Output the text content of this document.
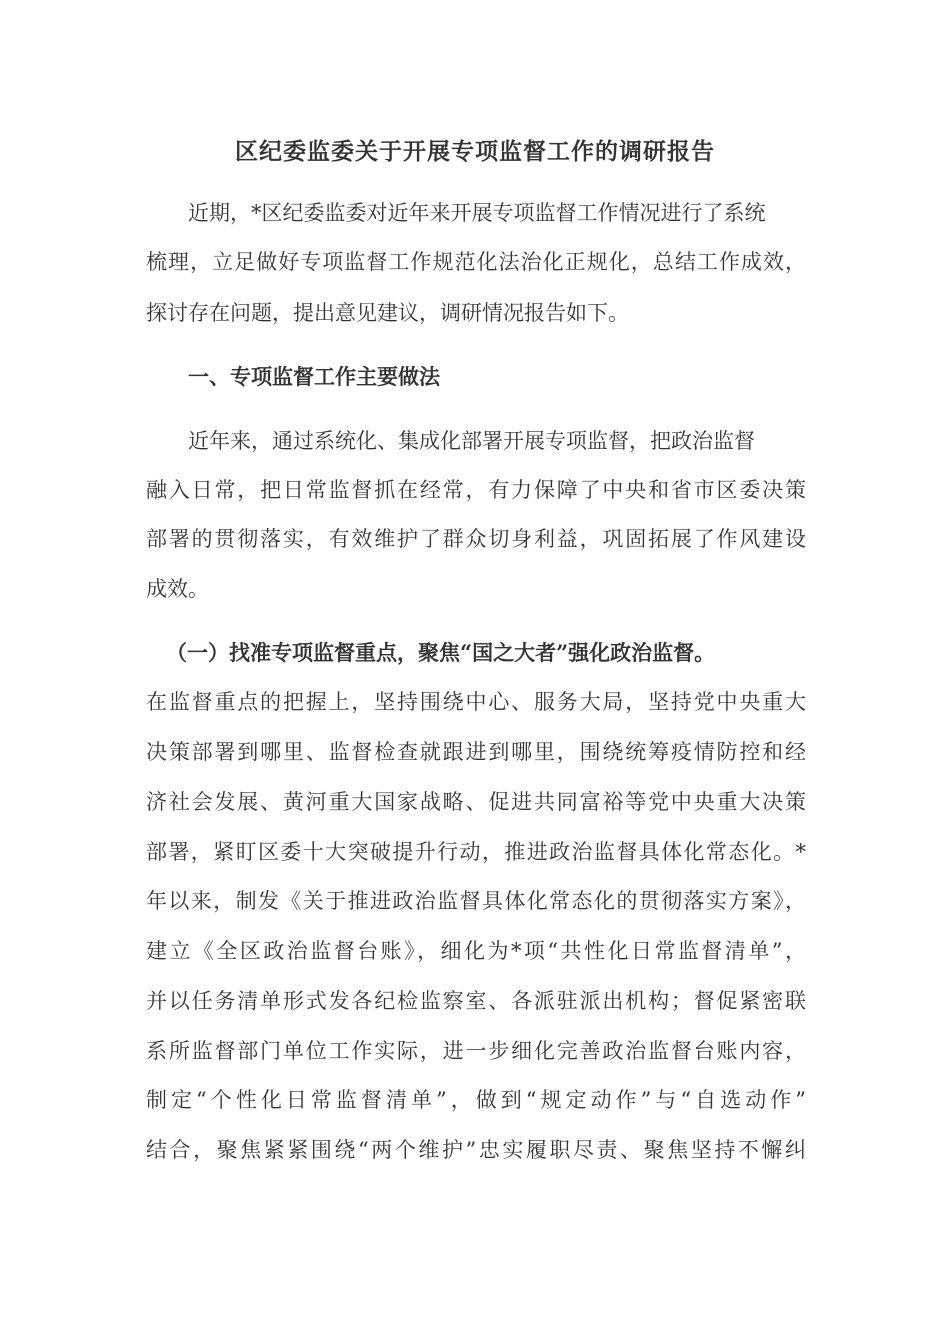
区纪委监委关于开展专项监督工作的调研报告
近期，*区纪委监委对近年来开展专项监督工作情况进行了系统
梳理，立足做好专项监督工作规范化法治化正规化，总结工作成效，
探讨存在问题，提出意见建议，调研情况报告如下。
一、专项监督工作主要做法
近年来，通过系统化、集成化部署开展专项监督，把政治监督
融入日常，把日常监督抓在经常，有力保障了中央和省市区委决策
部署的贯彻落实，有效维护了群众切身利益，巩固拓展了作风建设
成效。
（一）找准专项监督重点，聚焦“国之大者”强化政治监督。
在监督重点的把握上，坚持围绕中心、服务大局，坚持党中央重大
决策部署到哪里、监督检查就跟进到哪里，围绕统筹疫情防控和经
济社会发展、黄河重大国家战略、促进共同富裕等党中央重大决策
部署，紧盯区委十大突破提升行动，推进政治监督具体化常态化。*
年以来，制发《关于推进政治监督具体化常态化的贯彻落实方案》，
建立《全区政治监督台账》，细化为*项“共性化日常监督清单”，
并以任务清单形式发各纪检监察室、各派驻派出机构；督促紧密联
系所监督部门单位工作实际，进一步细化完善政治监督台账内容，
制定“个性化日常监督清单”，做到“规定动作”与“自选动作”
结合，聚焦紧紧围绕“两个维护”忠实履职尽责、聚焦坚持不懈纠
